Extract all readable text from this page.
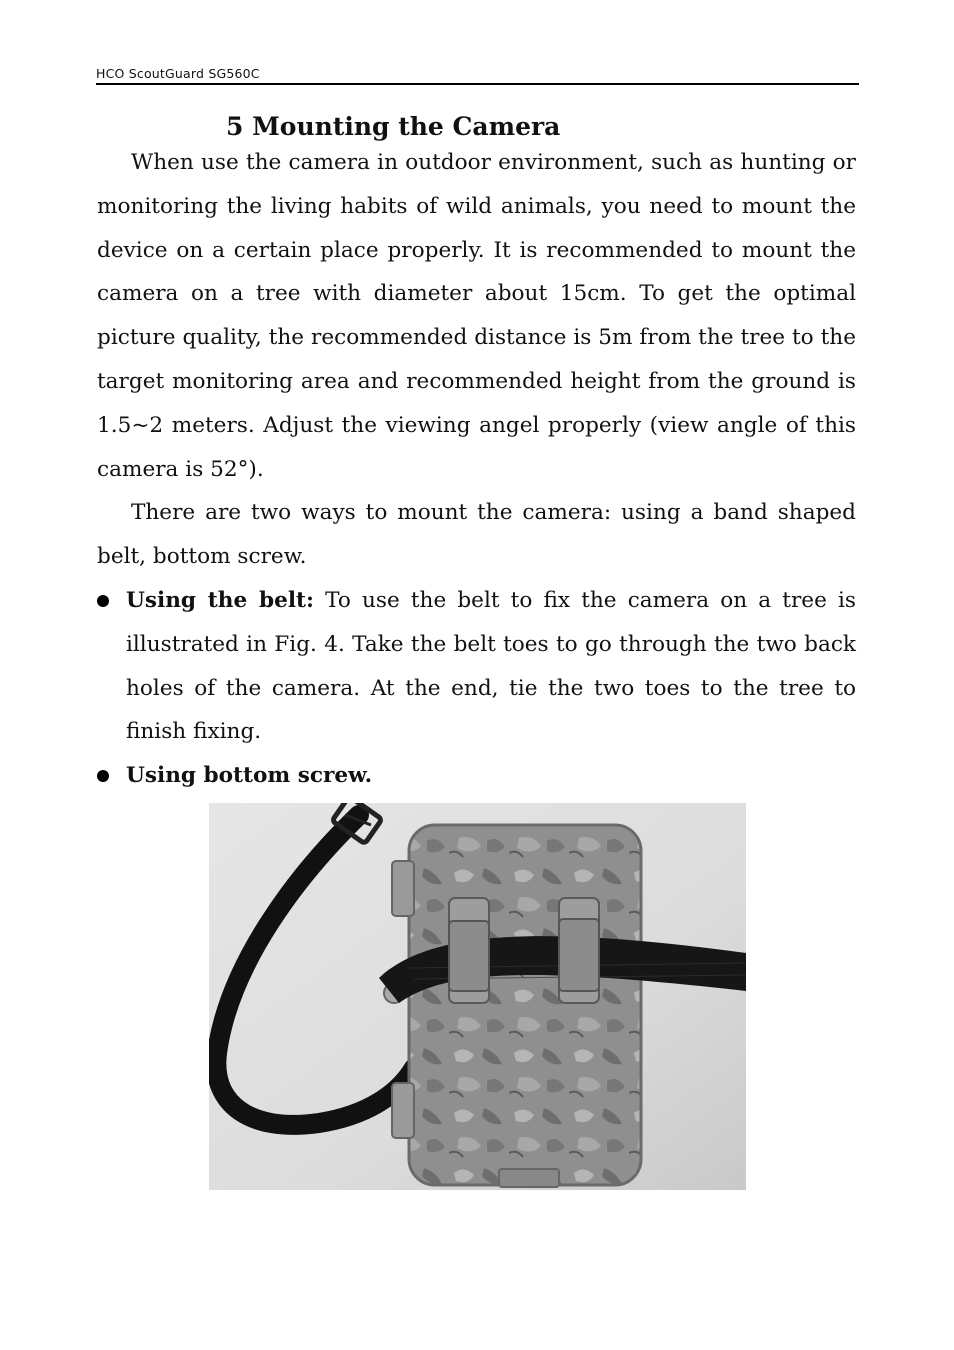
HCO ScoutGuard SG560C
5 Mounting the Camera

When use the camera in outdoor environment, such as hunting or monitoring the living habits of wild animals, you need to mount the device on a certain place properly. It is recommended to mount the camera on a tree with diameter about 15cm. To get the optimal picture quality, the recommended distance is 5m from the tree to the target monitoring area and recommended height from the ground is 1.5~2 meters. Adjust the viewing angel properly (view angle of this camera is 52°).

There are two ways to mount the camera: using a band shaped belt, bottom screw.

Using the belt: To use the belt to fix the camera on a tree is illustrated in Fig. 4. Take the belt toes to go through the two back holes of the camera. At the end, tie the two toes to the tree to finish fixing.
Using bottom screw.
